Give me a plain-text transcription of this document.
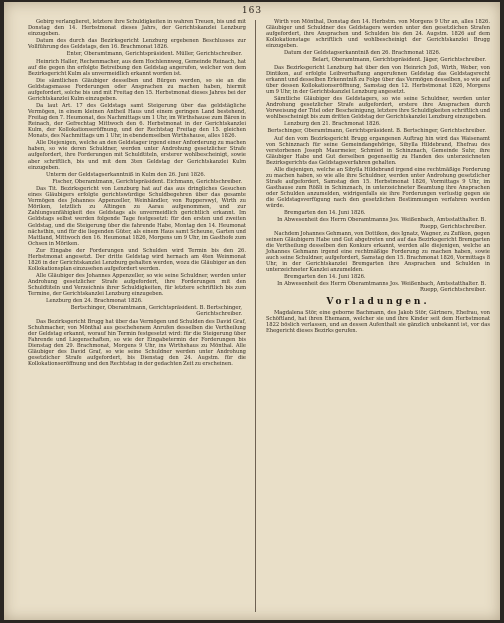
163
Gebirg verlanglieret, letztere ihre Schuldigkeiten in wahren Treuen, bis und mit Donstag den 14. Herbstmonat dieses Jahrs, der Gerichtskanzlei Lenzburg einzugeben.
Datum des durch das Bezirksgericht Lenzburg ergebenen Beschlusses zur Vollführung des Geldstags, den 16. Brachmonat 1826.
Enter, Oberamtmann, Gerichtspräsident. Müller, Gerichtschreiber.
Heinrich Haller, Rechenmacher, aus dem Hochlennweg, Gemeinde Reinach, hat auf die gegen ihn erfolgte Betreibung den Geldstag angerufen, welcher von dem Bezirksgericht Kulm als unvermeidlich erkannt worden ist.
Die sämtlichen Gläubiger desselben und Bürgen werden, so sie an die Geldstagsmasse Forderungen oder Ansprachen zu machen haben, hiermit aufgefordert, solche bis und mit Freitag den 15. Herbstmonat dieses Jahres bei der Gerichtskanzlei Kulm einzugeben.
Da laut Art. 17 des Geldstags samt Steigerung über das geldstägliche Vermögen, in einem kleinen Antheil Haus und einem geringen Land bestehend, Freitag den 7. Heumonat, des Nachmittags um 1 Uhr, im Wirthshause zum Bären in Reinach, der Gefrechtag Mittwoch den 6. Herbstmonat in der Gerichtskanzlei Kulm, der Kollokationseröffnung, und der Rechtstag Freitag den 15. gleichen Monats, des Nachmittags um 1 Uhr, in ebendemselben Wirthshause, alles 1826.
Alle Diejenigen, welche an den Geldstager irgend einer Anforderung zu machen haben, so wie deren Schuldner, werden unter Androhung gesetzlicher Strafe aufgefordert, ihre Forderungen mit Schuldtiteln, ersterer wohlbescheinigt, sowie aber schriftlich, bis und mit dem 3ten Geldstag der Gerichtskanzlei Kulm einzugeben.
Unterm der Geldstagserkanntniß in Kulm den 26. Juni 1826.
Fischer, Oberamtmann, Gerichtspräsident. Eichmann, Gerichtschreiber.
Das Tit. Bezirksgericht von Lenzburg hat auf das aus dringliches Gesuchen eines Gläubigers erfolgte gerichtswürdige Schuldbegehren über das gesamte Vermögen des Johannes Appenzeller, Weinhändler, von Rupperswyl, Wirth zu Möriken, letztlich zu Altingen zu Aarau aufgenommen, und zur Zahlungsunfähigkeit des Geldstags als unvermeidlich gerichtlich erkannt. Im Geldstags selbst werden folgende Tage festgesetzt: für den ersten und zweiten Geldstag, und die Steigerung über die fahrende Habe, Montag den 14. Heumonat nächsthin, und für die liegenden Güter, als einem Haus samt Scheune, Garten und Mattland, Mittwoch den 16. Heumonat 1826, Morgens um 9 Uhr, im Gasthofe zum Ochsen in Möriken.
Zur Eingabe der Forderungen und Schulden wird Termin bis den 26. Herbstmonat angesetzt. Der dritte Geldstag wird hernach am 4ten Weinmonat 1826 in der Gerichtskanzlei Lenzburg gehalten werden, wozu die Gläubiger an den Kollokationsplan einzusehen aufgefordert werden.
Alle Gläubiger des Johannes Appenzeller, so wie seine Schuldner, werden unter Androhung gesetzlicher Strafe aufgefordert, ihre Forderungen mit den Schuldtiteln und Verzeichnis ihrer Schuldigkeiten, für letztere schriftlich bis zum Termine, der Gerichtskanzlei Lenzburg einzugeben.
Lenzburg den 24. Brachmonat 1826.
Bertschinger, Oberamtmann, Gerichtspräsident. B. Bertschinger, Gerichtschreiber.
Das Bezirksgericht Brugg hat über das Vermögen und Schulden des David Graf, Schuhmacher, von Mönthal aus geschehenem Anrufen desselben die Vertheilung der Geldstag erkannt, worauf hin Termin festgesetzt wird: für die Steigerung über Fahrende und Liegenschaften, so wie der Eingabetermin der Forderungen bis Dienstag den 29. Brachmonat, Morgens 9 Uhr, ins Wirthshaus zu Mönthal. Alle Gläubiger des David Graf, so wie seine Schuldner werden unter Androhung gesetzlicher Strafe aufgefordert, bis Dienstag den 24. Augstm. für die Kollokationseröffnung und den Rechtstag in der gedachten Zeit zu erscheinen.
Wirth von Mönthal, Donstag den 14. Herbstm. von Morgens 9 Uhr an, alles 1826. Gläubiger und Schuldner des Geldstagers werden unter den gesetzlichen Strafen aufgefordert, ihre Ansprachen und Schulden bis den 24. Augstm. 1826 auf dem Kollokationstage schriftlich und wohlbescheinigt der Gerichtskanzlei Brugg einzugeben.
Datum der Geldstagserkanntniß den 26. Brachmonat 1826.
Belart, Oberamtmann, Gerichtspräsident. Jäger, Gerichtschreiber.
Das Bezirksgericht Lenzburg hat über den von Heinrich Joß, Wirth, Weber, von Dintikon, auf erfolgte Leibverhaftung angerufenen Geldstag das Geldstagsrecht erkannt und desselben Erkenntniß zu Folge über das Vermögen desselben, so wie auf über dessen Kollokationseröffnung, Samstag den 12. Herbstmonat 1826, Morgens um 9 Uhr, in der Gerichtskanzlei Lenzburg angesetzt.
Sämtliche Gläubiger des Geldstagers, so wie seine Schuldner, werden unter Androhung gesetzlicher Strafe aufgefordert, erstere ihre Ansprachen durch Vorweisung der Titel oder Bescheinigung, letztere ihre Schuldigkeiten schriftlich und wohlbescheinigt bis zum dritten Geldstag der Gerichtskanzlei Lenzburg einzugeben.
Lenzburg den 21. Brachmonat 1826.
Bertschinger, Oberamtmann, Gerichtspräsident. B. Bertschinger, Gerichtschreiber.
Auf den vom Bezirksgericht Brugg ergangenen Auftrag hin wird das Waisenamt von Schinznach für seine Gemeindangehörige, Sibylla Hildebrand, Ehefrau des verstorbenen Joseph Maurmeier, Schmied in Schinznach, Gemeinde Suhr, ihre Gläubiger Habe und Gut derselben gegenseitig zu Handen des unterzeichneten Bezirksgerichts das Geldstagsverfahren gehalten.
Alle diejenigen, welche an Sibylla Hildebrand irgend eine rechtmäßige Forderung zu machen haben, so wie alle ihre Schuldner, werden unter Androhung gesetzlicher Strafe aufgefordert, Samstag den 15. Herbstmonat 1826, Vormittags 9 Uhr, im Gasthause zum Rößli in Schinznach, in unterzeichneter Beamtung ihre Ansprachen oder Schulden anzumelden, widrigenfalls sie ihre Forderungen verlustig gegen sie die Geldstagsverfügung nach den gesetzlichen Bestimmungen verfahren werden würde.
Bremgarten den 14. Juni 1826.
In Abwesenheit des Herrn Oberamtmanns Jos. Weißenbach, Amtsstatthalter. B. Ruepp, Gerichtschreiber.
Nachdem Johannes Gehmann, von Dottikon, des Ignatz, Wagner, zu Zufikon, gegen seinen Gläubigern Habe und Gut abgetreten und auf das Bezirksgericht Bremgarten die Vertheilung desselben den Konkurs erkannt, werden alle diejenigen, welche an Johannes Gehmann irgend eine rechtmäßige Forderung zu machen haben, sowie auch seine Schuldner, aufgefordert, Samstag den 15. Brachmonat 1826, Vormittags 8 Uhr, in der Gerichtskanzlei Bremgarten ihre Ansprachen und Schulden in unterzeichneter Kanzlei anzumelden.
Bremgarten den 14. Juni 1826.
In Abwesenheit des Herrn Oberamtmanns Jos. Weißenbach, Amtsstatthalter. B. Ruepp, Gerichtschreiber.
Vorladungen.
Magdalena Stör, eine geborne Bachmann, des Jakob Stör, Gärtners, Ehefrau, von Schöftland, hat ihren Ehemann, welcher sie und ihre Kinder seit dem Herbstmonat 1822 böslich verlassen, und an dessen Aufenthalt sie gänzlich unbekannt ist, vor das Ehegericht dieses Bezirks gerufen.
